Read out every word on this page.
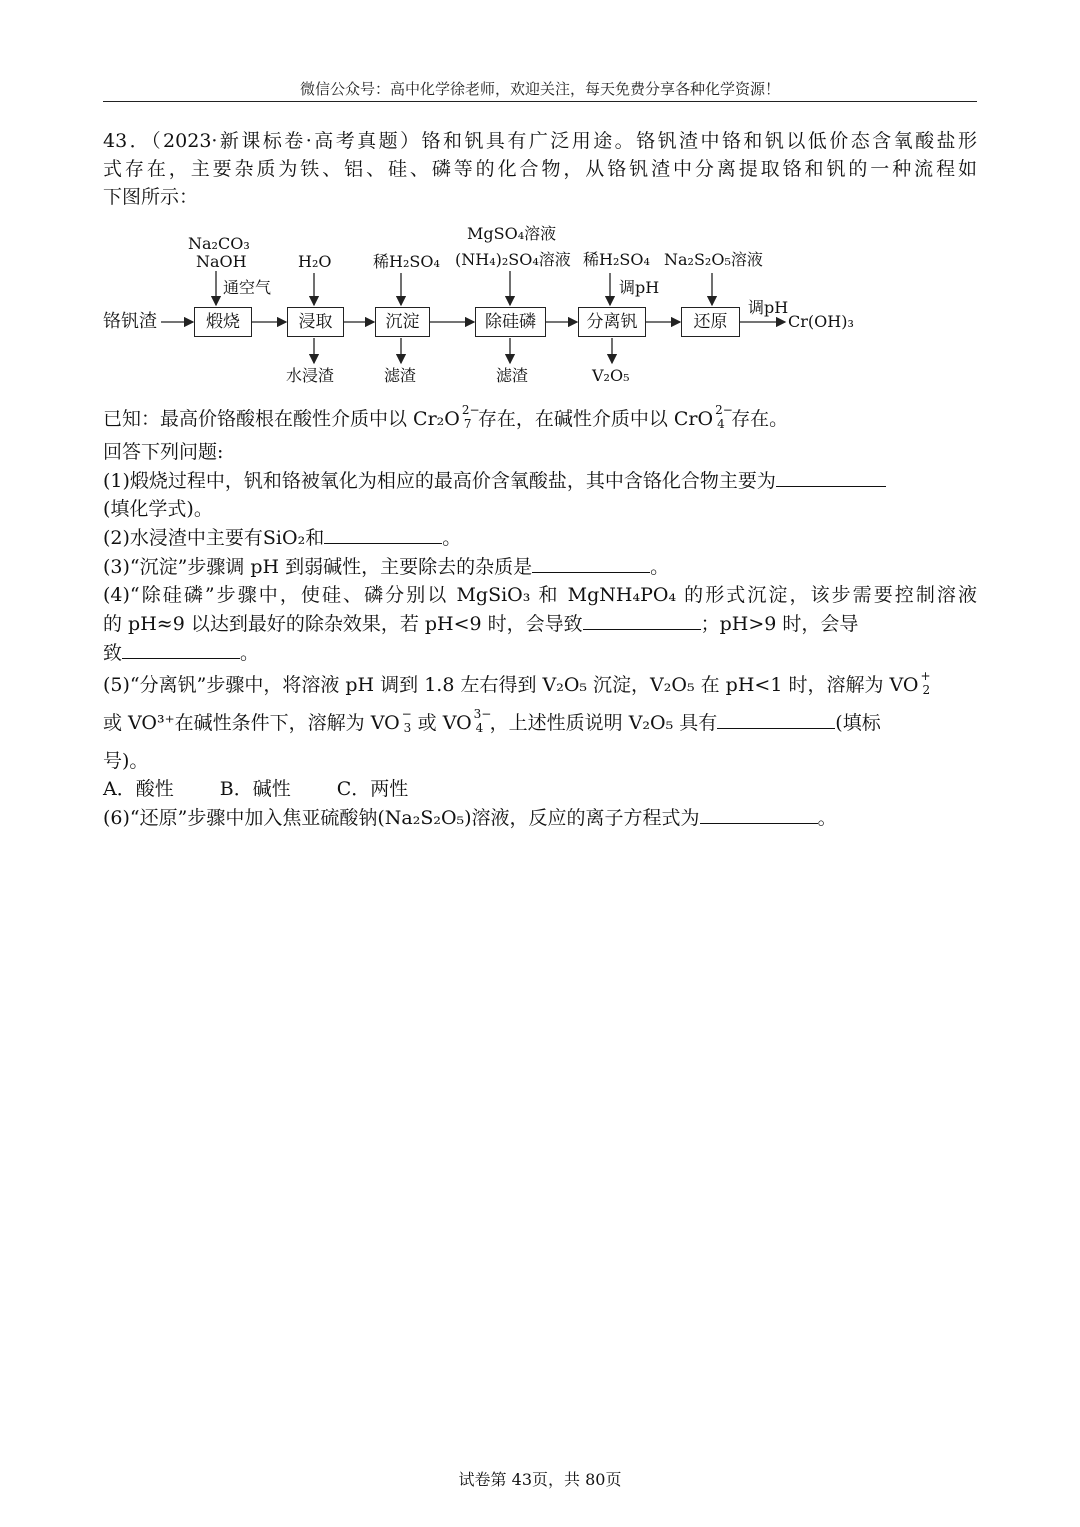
微信公众号：高中化学徐老师，欢迎关注，每天免费分享各种化学资源！

43．（2023·新课标卷·高考真题）铬和钒具有广泛用途。铬钒渣中铬和钒以低价态含氧酸盐形

式存在，主要杂质为铁、铝、硅、磷等的化合物，从铬钒渣中分离提取铬和钒的一种流程如

下图所示：

铬钒渣	煅烧	浸取	沉淀	除硅磷	分离钒	还原
Na₂CO₃
NaOH
通空气
H₂O	稀H₂SO₄
MgSO₄溶液
(NH₄)₂SO₄溶液 稀H₂SO₄
调pH
Na₂S₂O₅溶液
水浸渣	滤渣	滤渣	V₂O₅
调pH
Cr(OH)₃

已知：最高价铬酸根在酸性介质中以 Cr₂O 2−
7 存在，在碱性介质中以 CrO 2−
4 存在。

回答下列问题:

(1)煅烧过程中，钒和铬被氧化为相应的最高价含氧酸盐，其中含铬化合物主要为

(填化学式)。

(2)水浸渣中主要有SiO₂和	。

(3)“沉淀”步骤调 pH 到弱碱性，主要除去的杂质是	。

(4)“除硅磷”步骤中，使硅、磷分别以 MgSiO₃ 和 MgNH₄PO₄ 的形式沉淀，该步需要控制溶液

的 pH≈9 以达到最好的除杂效果，若 pH<9 时，会导致	；pH>9 时，会导

致	。

(5)“分离钒”步骤中，将溶液 pH 调到 1.8 左右得到 V₂O₅ 沉淀，V₂O₅ 在 pH<1 时，溶解为 VO +
2

或 VO³⁺在碱性条件下，溶解为 VO −
3 或 VO 3−
4 ，上述性质说明 V₂O₅ 具有	(填标

号)。

A．酸性 B．碱性 C．两性

(6)“还原”步骤中加入焦亚硫酸钠(Na₂S₂O₅)溶液，反应的离子方程式为	。

试卷第 43页，共 80页
